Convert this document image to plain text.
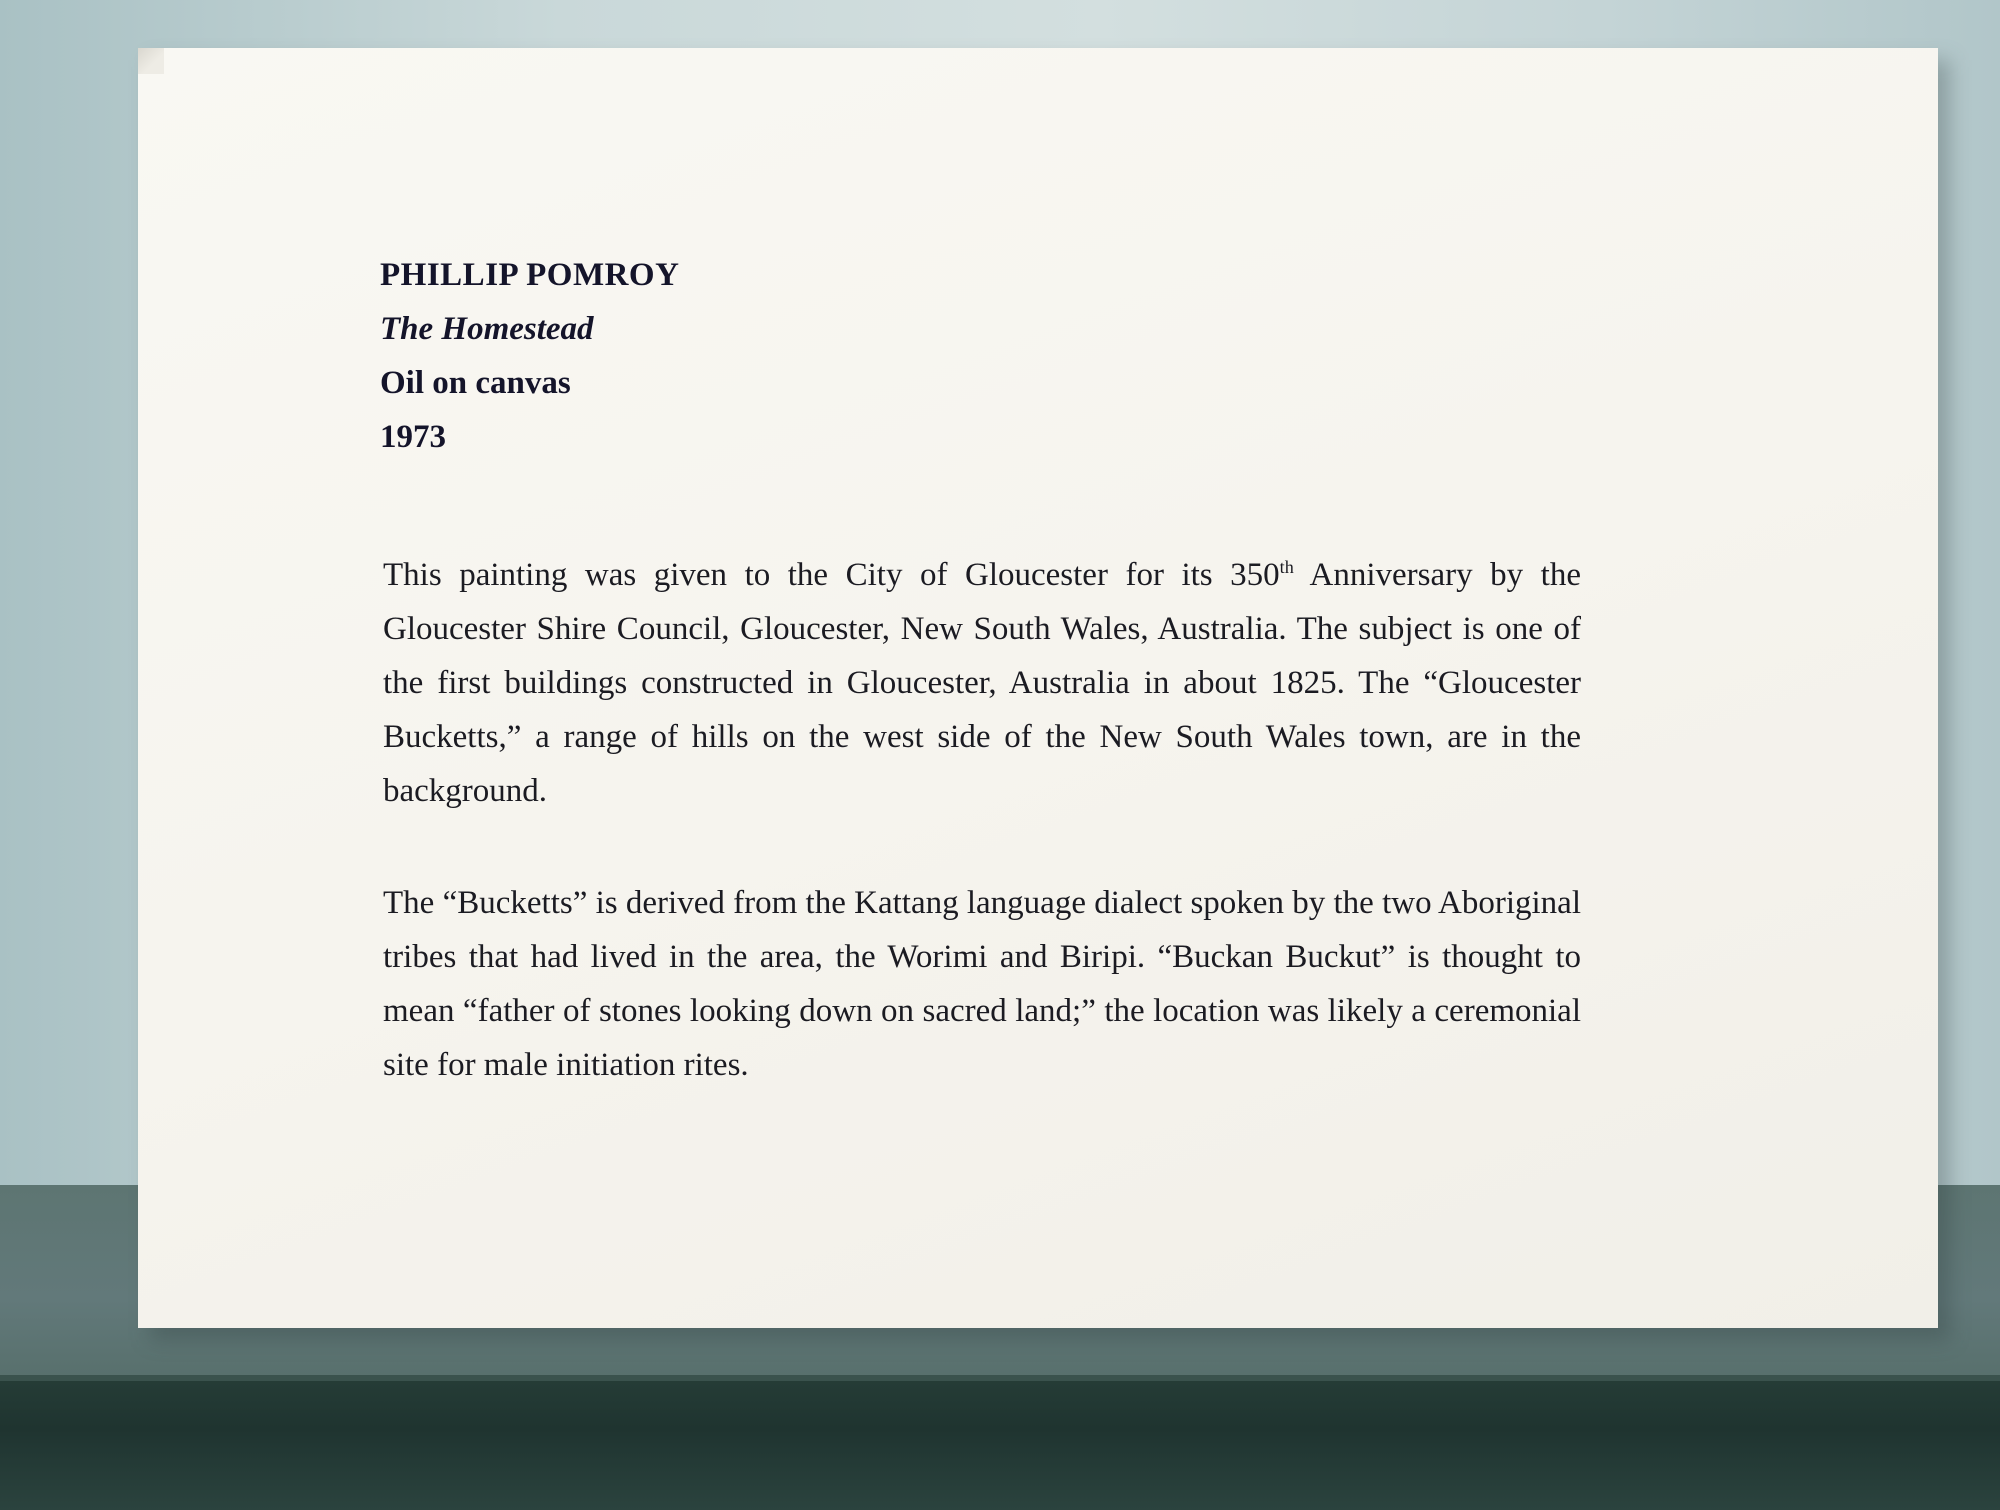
PHILLIP POMROY
The Homestead
Oil on canvas
1973
This painting was given to the City of Gloucester for its 350th Anniversary by the Gloucester Shire Council, Gloucester, New South Wales, Australia. The subject is one of the first buildings constructed in Gloucester, Australia in about 1825. The “Gloucester Bucketts,” a range of hills on the west side of the New South Wales town, are in the background.
The “Bucketts” is derived from the Kattang language dialect spoken by the two Aboriginal tribes that had lived in the area, the Worimi and Biripi. “Buckan Buckut” is thought to mean “father of stones looking down on sacred land;” the location was likely a ceremonial site for male initiation rites.
